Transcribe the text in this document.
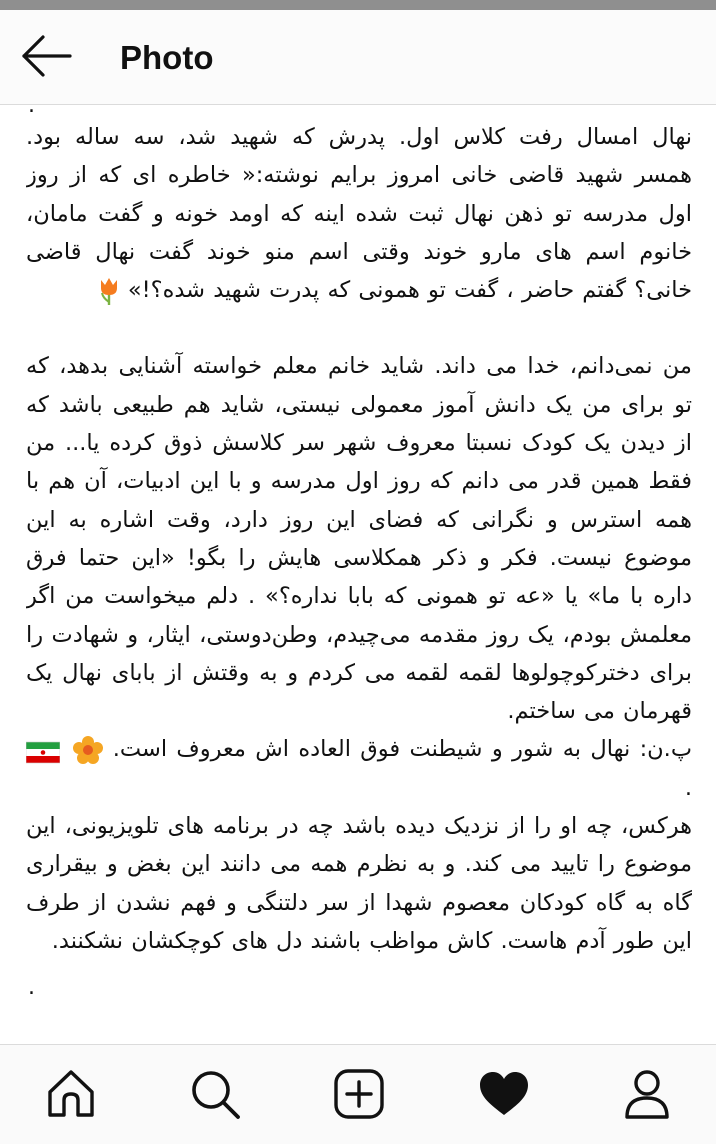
Photo
.
نهال امسال رفت کلاس اول. پدرش که شهید شد، سه ساله بود. همسر شهید قاضی خانی امروز برایم نوشته:« خاطره ای که از روز اول مدرسه تو ذهن نهال ثبت شده اینه که اومد خونه و گفت مامان، خانوم اسم های مارو خوند وقتی اسم منو خوند گفت نهال قاضی خانی؟ گفتم حاضر ، گفت تو همونی که پدرت شهید شده؟!»
من نمی‌دانم، خدا می داند. شاید خانم معلم خواسته آشنایی بدهد، که تو برای من یک دانش آموز معمولی نیستی، شاید هم طبیعی باشد که از دیدن یک کودک نسبتا معروف شهر سر کلاسش ذوق کرده یا... من فقط همین قدر می دانم که روز اول مدرسه و با این ادبیات، آن هم با همه استرس و نگرانی که فضای این روز دارد، وقت اشاره به این موضوع نیست. فکر و ذکر همکلاسی هایش را بگو! «این حتما فرق داره با ما» یا «عه تو همونی که بابا نداره؟» . دلم میخواست من اگر معلمش بودم، یک روز مقدمه می‌چیدم، وطن‌دوستی، ایثار، و شهادت را برای دخترکوچولوها لقمه لقمه می کردم و به وقتش از بابای نهال یک قهرمان می ساختم.
پ.ن: نهال به شور و شیطنت فوق العاده اش معروف است.   .
هرکس، چه او را از نزدیک دیده باشد چه در برنامه های تلویزیونی، این موضوع را تایید می کند. و به نظرم همه می دانند این بغض و بیقراری گاه به گاه کودکان معصوم شهدا از سر دلتنگی و فهم نشدن از طرف این طور آدم هاست. کاش مواظب باشند دل های کوچکشان نشکنند.
.
